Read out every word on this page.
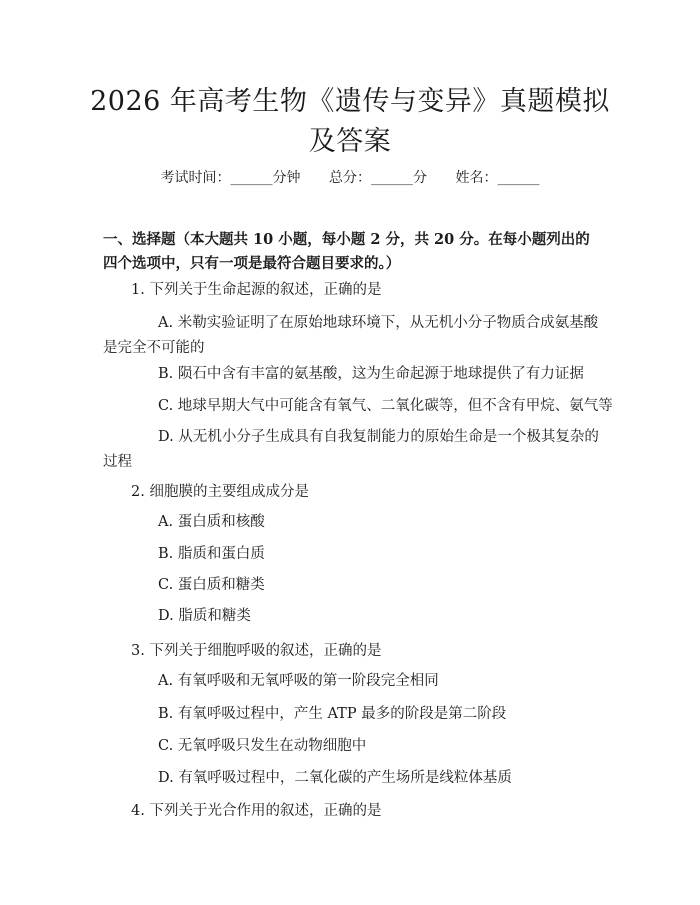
2026 年高考生物《遗传与变异》真题模拟及答案
考试时间：______分钟 总分：______分 姓名：______

一、选择题（本大题共 10 小题，每小题 2 分，共 20 分。在每小题列出的四个选项中，只有一项是最符合题目要求的。）

1. 下列关于生命起源的叙述，正确的是
A. 米勒实验证明了在原始地球环境下，从无机小分子物质合成氨基酸是完全不可能的
B. 陨石中含有丰富的氨基酸，这为生命起源于地球提供了有力证据
C. 地球早期大气中可能含有氧气、二氧化碳等，但不含有甲烷、氨气等
D. 从无机小分子生成具有自我复制能力的原始生命是一个极其复杂的过程
2. 细胞膜的主要组成成分是
A. 蛋白质和核酸
B. 脂质和蛋白质
C. 蛋白质和糖类
D. 脂质和糖类
3. 下列关于细胞呼吸的叙述，正确的是
A. 有氧呼吸和无氧呼吸的第一阶段完全相同
B. 有氧呼吸过程中，产生 ATP 最多的阶段是第二阶段
C. 无氧呼吸只发生在动物细胞中
D. 有氧呼吸过程中，二氧化碳的产生场所是线粒体基质
4. 下列关于光合作用的叙述，正确的是
